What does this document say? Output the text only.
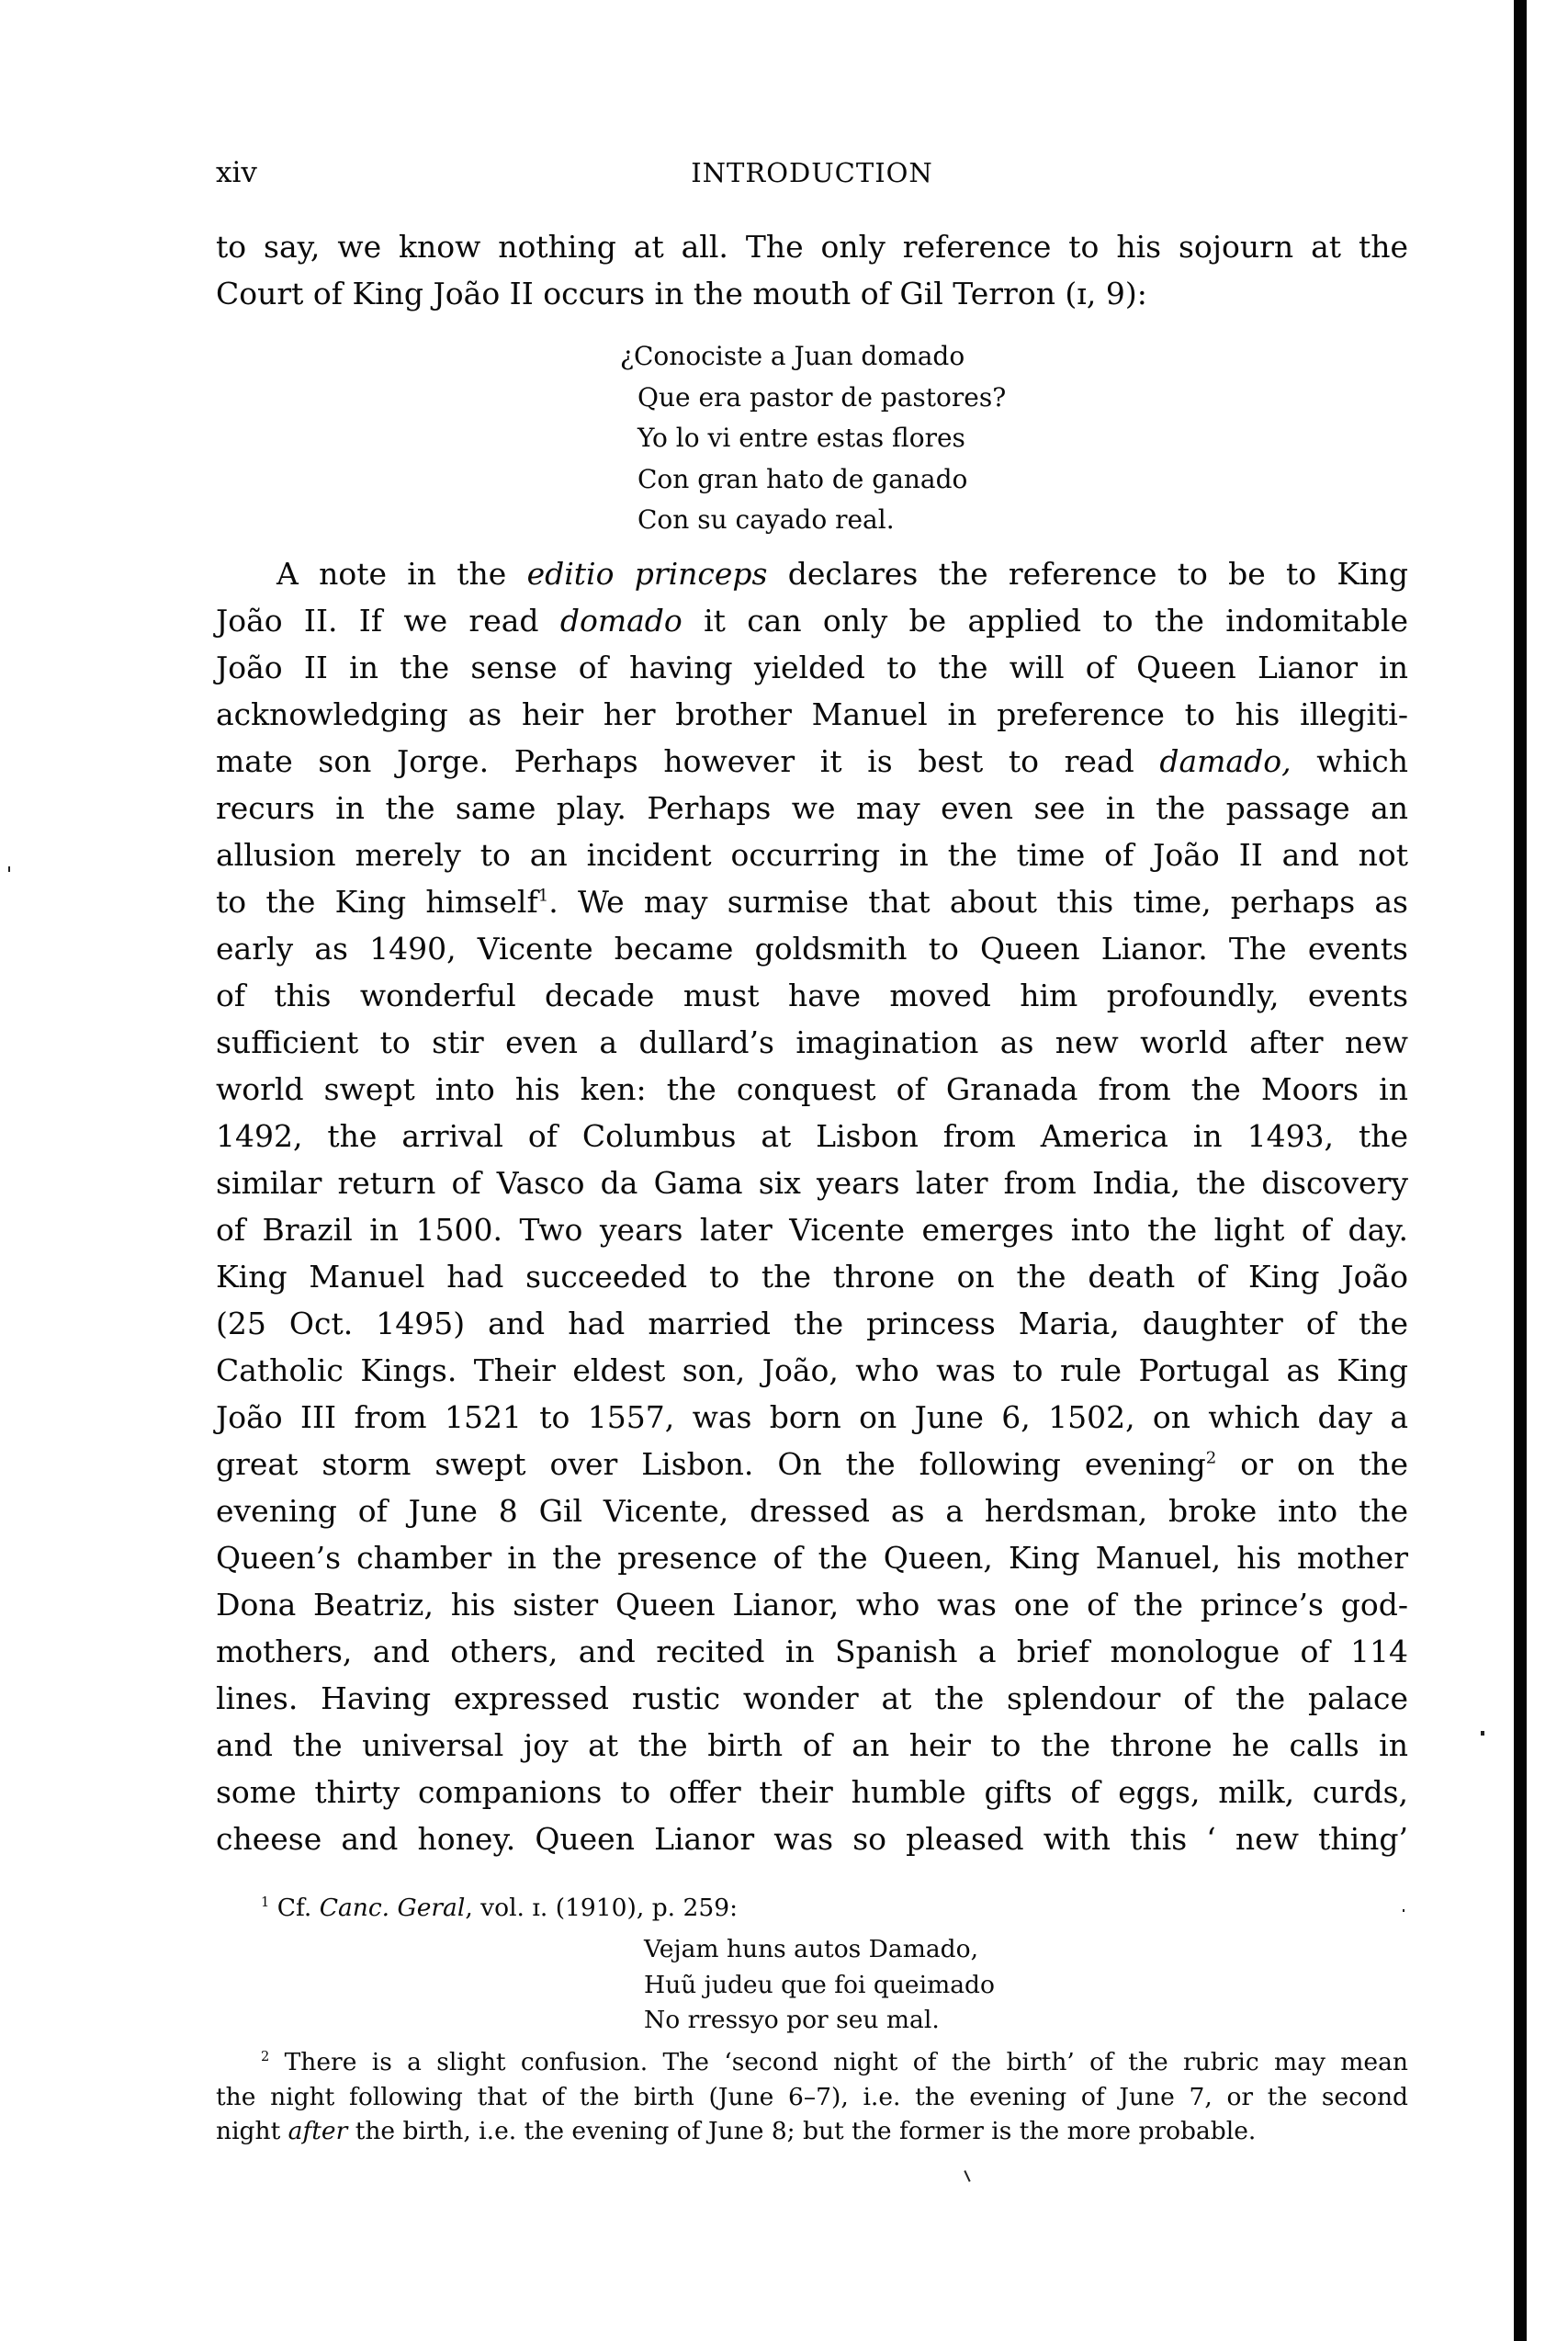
xiv	INTRODUCTION
to say, we know nothing at all. The only reference to his sojourn at the
Court of King João II occurs in the mouth of Gil Terron (ɪ, 9):
¿Conociste a Juan domado
Que era pastor de pastores?
Yo lo vi entre estas flores
Con gran hato de ganado
Con su cayado real.
A note in the editio princeps declares the reference to be to King
João II. If we read domado it can only be applied to the indomitable
João II in the sense of having yielded to the will of Queen Lianor in
acknowledging as heir her brother Manuel in preference to his illegiti-
mate son Jorge. Perhaps however it is best to read damado, which
recurs in the same play. Perhaps we may even see in the passage an
allusion merely to an incident occurring in the time of João II and not
to the King himself$^1$. We may surmise that about this time, perhaps as
early as 1490, Vicente became goldsmith to Queen Lianor. The events
of this wonderful decade must have moved him profoundly, events
sufficient to stir even a dullard’s imagination as new world after new
world swept into his ken: the conquest of Granada from the Moors in
1492, the arrival of Columbus at Lisbon from America in 1493, the
similar return of Vasco da Gama six years later from India, the discovery
of Brazil in 1500. Two years later Vicente emerges into the light of day.
King Manuel had succeeded to the throne on the death of King João
(25 Oct. 1495) and had married the princess Maria, daughter of the
Catholic Kings. Their eldest son, João, who was to rule Portugal as King
João III from 1521 to 1557, was born on June 6, 1502, on which day a
great storm swept over Lisbon. On the following evening$^2$ or on the
evening of June 8 Gil Vicente, dressed as a herdsman, broke into the
Queen’s chamber in the presence of the Queen, King Manuel, his mother
Dona Beatriz, his sister Queen Lianor, who was one of the prince’s god-
mothers, and others, and recited in Spanish a brief monologue of 114
lines. Having expressed rustic wonder at the splendour of the palace
and the universal joy at the birth of an heir to the throne he calls in
some thirty companions to offer their humble gifts of eggs, milk, curds,
cheese and honey. Queen Lianor was so pleased with this ‘ new thing’
$^1$ Cf. Canc. Geral, vol. ɪ. (1910), p. 259:
Vejam huns autos Damado,
Huũ judeu que foi queimado
No rressyo por seu mal.
$^2$ There is a slight confusion. The ‘second night of the birth’ of the rubric may mean
the night following that of the birth (June 6–7), i.e. the evening of June 7, or the second
night after the birth, i.e. the evening of June 8; but the former is the more probable.
